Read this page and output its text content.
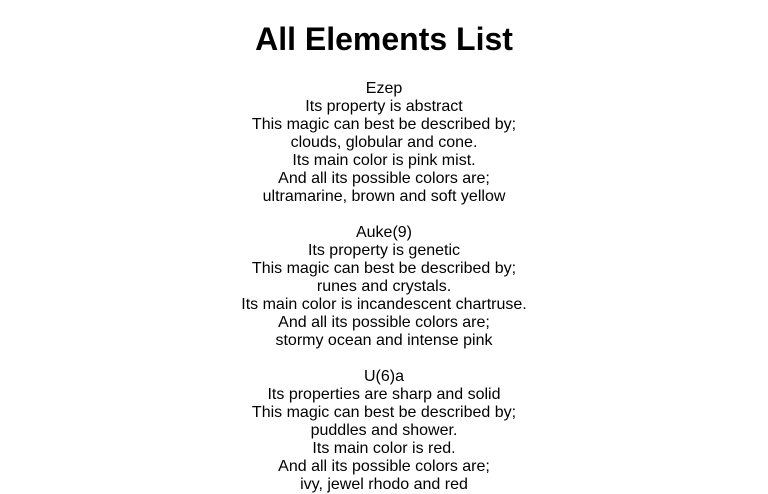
All Elements List
Ezep
Its property is abstract
This magic can best be described by;
clouds, globular and cone.
Its main color is pink mist.
And all its possible colors are;
ultramarine, brown and soft yellow
Auke(9)
Its property is genetic
This magic can best be described by;
runes and crystals.
Its main color is incandescent chartruse.
And all its possible colors are;
stormy ocean and intense pink
U(6)a
Its properties are sharp and solid
This magic can best be described by;
puddles and shower.
Its main color is red.
And all its possible colors are;
ivy, jewel rhodo and red
